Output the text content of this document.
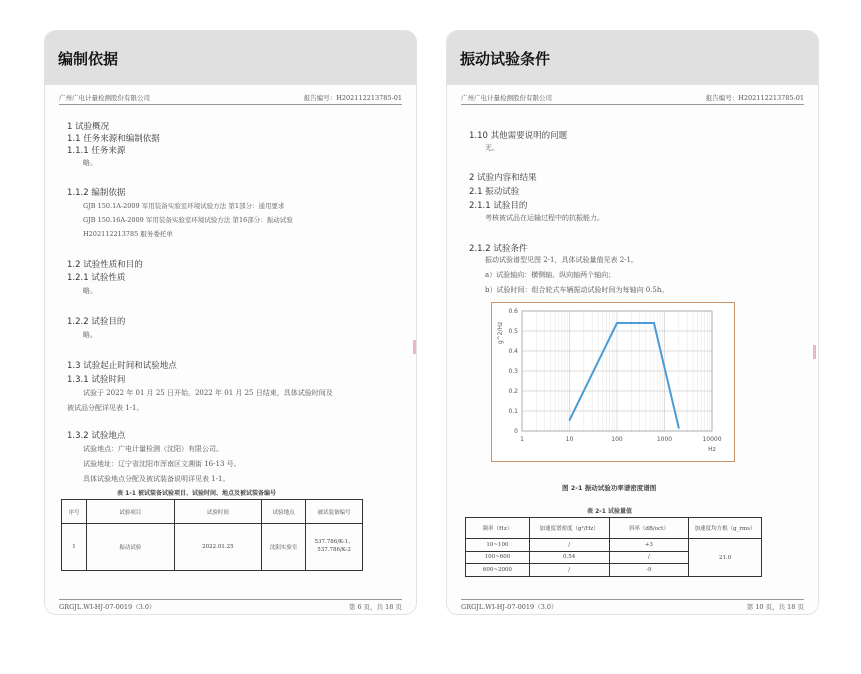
编制依据
广州广电计量检测股份有限公司	报告编号：H202112213785-01
1 试验概况
1.1 任务来源和编制依据
1.1.1 任务来源
略。
1.1.2 编制依据
GJB 150.1A-2009 军用装备实验室环境试验方法 第1部分：通用要求
GJB 150.16A-2009 军用装备实验室环境试验方法 第16部分：振动试验
H202112213785 服务委托单
1.2 试验性质和目的
1.2.1 试验性质
略。
1.2.2 试验目的
略。
1.3 试验起止时间和试验地点
1.3.1 试验时间
试验于 2022 年 01 月 25 日开始，2022 年 01 月 25 日结束，具体试验时间及
被试品分配详见表 1-1。
1.3.2 试验地点
试验地点：广电计量检测（沈阳）有限公司。
试验地址：辽宁省沈阳市浑南区文溯街 16-13 号。
具体试验地点分配及被试装备说明详见表 1-1。
表 1-1 被试装备试验项目、试验时间、地点及被试装备编号
序号	试验项目	试验时间	试验地点	被试装备编号
1	振动试验	2022.01.25	沈阳实验室	537.786/K-1、537.786/K-2
GRGJL.WI-HJ-07-0019（3.0）	第 6 页，共 18 页
振动试验条件
广州广电计量检测股份有限公司	报告编号：H202112213785-01
1.10 其他需要说明的问题
无。
2 试验内容和结果
2.1 振动试验
2.1.1 试验目的
考核被试品在运输过程中的抗振能力。
2.1.2 试验条件
振动试验谱型见图 2-1，具体试验量值见表 2-1。
a）试验轴向：横侧轴、纵向轴两个轴向；
b）试验时间：组合轮式车辆振动试验时间为每轴向 0.5h。
1	10	100	1000	10000
0
0.1
0.2
0.3
0.4
0.5
0.6
Hz
g^2/Hz
图 2-1 振动试验功率谱密度谱图
表 2-1 试验量值
频率（Hz）	加速度谱密度（g²/Hz）	斜率（dB/oct）	加速度均方根（g_rms）
10~100	/	+3	21.0
100~600	0.54	/	
600~2000	/	-9	
GRGJL.WI-HJ-07-0019（3.0）	第 10 页，共 18 页
